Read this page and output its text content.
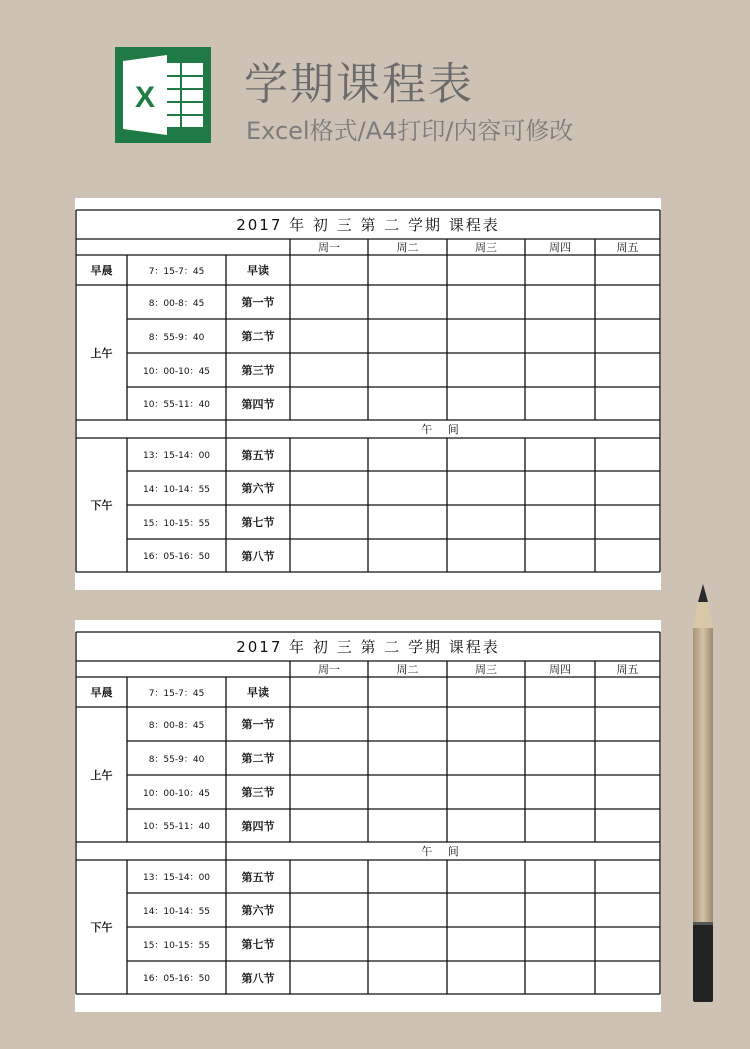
X 学期课程表

Excel格式/A4打印/内容可修改

2017 年 初 三 第 二 学期 课程表
周一	周二	周三	周四	周五
早晨	7：15-7：45	早读
上午
8：00-8：45	第一节
8：55-9：40	第二节
10：00-10：45	第三节
10：55-11：40	第四节
午 间
下午
13：15-14：00	第五节
14：10-14：55	第六节
15：10-15：55	第七节
16：05-16：50	第八节
2017 年 初 三 第 二 学期 课程表
周一	周二	周三	周四	周五
早晨	7：15-7：45	早读
上午
8：00-8：45	第一节
8：55-9：40	第二节
10：00-10：45	第三节
10：55-11：40	第四节
午 间
下午
13：15-14：00	第五节
14：10-14：55	第六节
15：10-15：55	第七节
16：05-16：50	第八节
